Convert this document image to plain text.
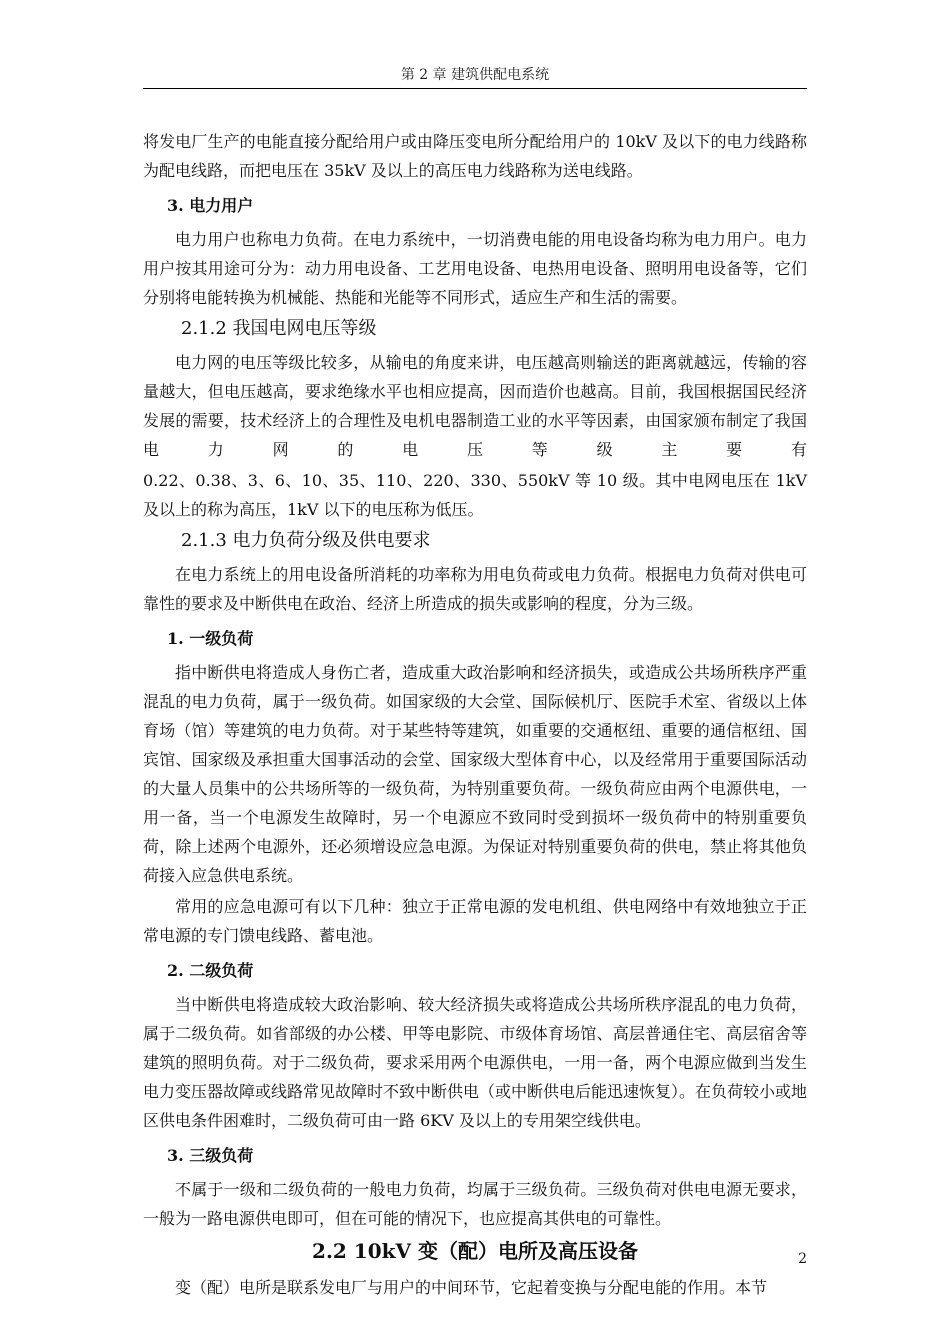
第 2 章 建筑供配电系统

将发电厂生产的电能直接分配给用户或由降压变电所分配给用户的 10kV 及以下的电力线路称为配电线路，而把电压在 35kV 及以上的高压电力线路称为送电线路。

3. 电力用户

电力用户也称电力负荷。在电力系统中，一切消费电能的用电设备均称为电力用户。电力用户按其用途可分为：动力用电设备、工艺用电设备、电热用电设备、照明用电设备等，它们分别将电能转换为机械能、热能和光能等不同形式，适应生产和生活的需要。

2.1.2 我国电网电压等级

电力网的电压等级比较多，从输电的角度来讲，电压越高则输送的距离就越远，传输的容量越大，但电压越高，要求绝缘水平也相应提高，因而造价也越高。目前，我国根据国民经济发展的需要，技术经济上的合理性及电机电器制造工业的水平等因素，由国家颁布制定了我国电力网的电压等级主要有

0.22、0.38、3、6、10、35、110、220、330、550kV 等 10 级。其中电网电压在 1kV 及以上的称为高压，1kV 以下的电压称为低压。

2.1.3 电力负荷分级及供电要求

在电力系统上的用电设备所消耗的功率称为用电负荷或电力负荷。根据电力负荷对供电可靠性的要求及中断供电在政治、经济上所造成的损失或影响的程度，分为三级。

1. 一级负荷

指中断供电将造成人身伤亡者，造成重大政治影响和经济损失，或造成公共场所秩序严重混乱的电力负荷，属于一级负荷。如国家级的大会堂、国际候机厅、医院手术室、省级以上体育场（馆）等建筑的电力负荷。对于某些特等建筑，如重要的交通枢纽、重要的通信枢纽、国宾馆、国家级及承担重大国事活动的会堂、国家级大型体育中心，以及经常用于重要国际活动的大量人员集中的公共场所等的一级负荷，为特别重要负荷。一级负荷应由两个电源供电，一用一备，当一个电源发生故障时，另一个电源应不致同时受到损坏一级负荷中的特别重要负荷，除上述两个电源外，还必须增设应急电源。为保证对特别重要负荷的供电，禁止将其他负荷接入应急供电系统。

常用的应急电源可有以下几种：独立于正常电源的发电机组、供电网络中有效地独立于正常电源的专门馈电线路、蓄电池。

2. 二级负荷

当中断供电将造成较大政治影响、较大经济损失或将造成公共场所秩序混乱的电力负荷，属于二级负荷。如省部级的办公楼、甲等电影院、市级体育场馆、高层普通住宅、高层宿舍等建筑的照明负荷。对于二级负荷，要求采用两个电源供电，一用一备，两个电源应做到当发生电力变压器故障或线路常见故障时不致中断供电（或中断供电后能迅速恢复）。在负荷较小或地区供电条件困难时，二级负荷可由一路 6KV 及以上的专用架空线供电。

3. 三级负荷

不属于一级和二级负荷的一般电力负荷，均属于三级负荷。三级负荷对供电电源无要求，一般为一路电源供电即可，但在可能的情况下，也应提高其供电的可靠性。

2.2 10kV 变（配）电所及高压设备

变（配）电所是联系发电厂与用户的中间环节，它起着变换与分配电能的作用。本节

2
